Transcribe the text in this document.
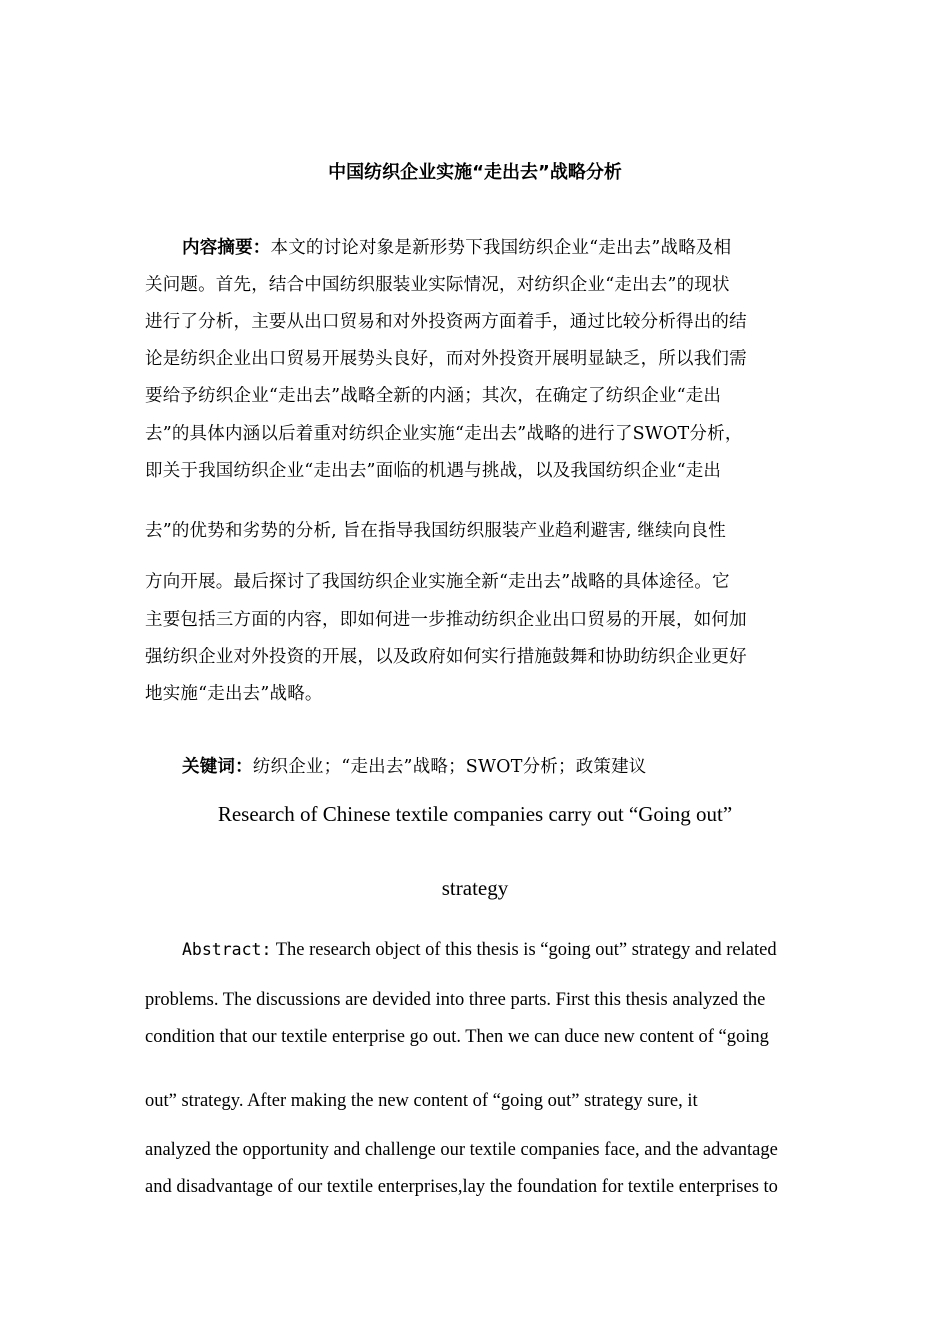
中国纺织企业实施“走出去”战略分析
内容摘要：本文的讨论对象是新形势下我国纺织企业“走出去”战略及相
关问题。首先，结合中国纺织服装业实际情况，对纺织企业“走出去”的现状
进行了分析，主要从出口贸易和对外投资两方面着手，通过比较分析得出的结
论是纺织企业出口贸易开展势头良好，而对外投资开展明显缺乏，所以我们需
要给予纺织企业“走出去”战略全新的内涵；其次，在确定了纺织企业“走出
去”的具体内涵以后着重对纺织企业实施“走出去”战略的进行了SWOT分析，
即关于我国纺织企业“走出去”面临的机遇与挑战，以及我国纺织企业“走出
去”的优势和劣势的分析, 旨在指导我国纺织服装产业趋利避害, 继续向良性
方向开展。最后探讨了我国纺织企业实施全新“走出去”战略的具体途径。它
主要包括三方面的内容，即如何进一步推动纺织企业出口贸易的开展，如何加
强纺织企业对外投资的开展，以及政府如何实行措施鼓舞和协助纺织企业更好
地实施“走出去”战略。
关键词：纺织企业；“走出去”战略；SWOT分析；政策建议
Research of Chinese textile companies carry out “Going out”
strategy
Abstract: The research object of this thesis is “going out” strategy and related
problems. The discussions are devided into three parts. First this thesis analyzed the
condition that our textile enterprise go out. Then we can duce new content of “going
out” strategy. After making the new content of “going out” strategy sure, it
analyzed the opportunity and challenge our textile companies face, and the advantage
and disadvantage of our textile enterprises,lay the foundation for textile enterprises to
